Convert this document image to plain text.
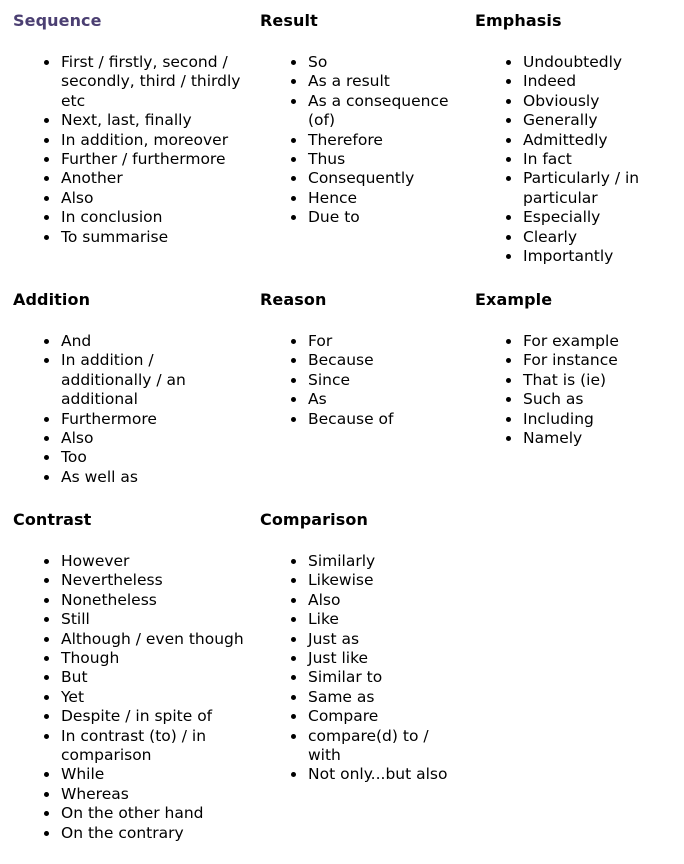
Sequence
First / firstly, second / secondly, third / thirdly etc
Next, last, finally
In addition, moreover
Further / furthermore
Another
Also
In conclusion
To summarise
Result
So
As a result
As a consequence (of)
Therefore
Thus
Consequently
Hence
Due to
Emphasis
Undoubtedly
Indeed
Obviously
Generally
Admittedly
In fact
Particularly / in particular
Especially
Clearly
Importantly
Addition
And
In addition / additionally / an additional
Furthermore
Also
Too
As well as
Reason
For
Because
Since
As
Because of
Example
For example
For instance
That is (ie)
Such as
Including
Namely
Contrast
However
Nevertheless
Nonetheless
Still
Although / even though
Though
But
Yet
Despite / in spite of
In contrast (to) / in comparison
While
Whereas
On the other hand
On the contrary
Comparison
Similarly
Likewise
Also
Like
Just as
Just like
Similar to
Same as
Compare
compare(d) to / with
Not only...but also
